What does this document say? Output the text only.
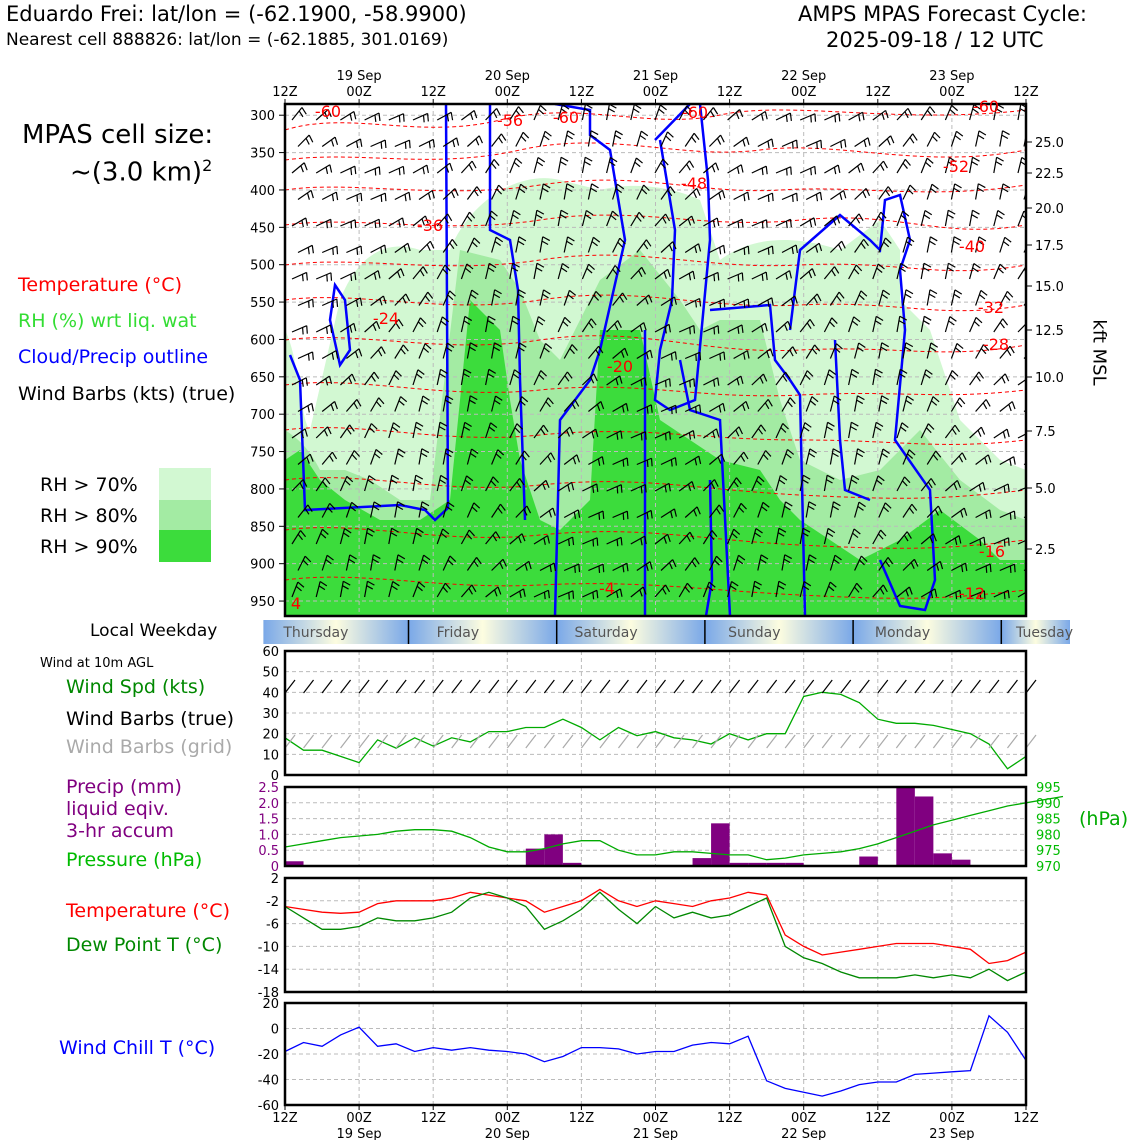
Eduardo Frei: lat/lon = (-62.1900, -58.9900)
Nearest cell 888826: lat/lon = (-62.1885, 301.0169)
AMPS MPAS Forecast Cycle:
2025-09-18 / 12 UTC
MPAS cell size:
~(3.0 km)$^2$
Temperature (°C)
RH (%) wrt liq. wat
Cloud/Precip outline
Wind Barbs (kts) (true)
RH > 70%
RH > 80%
RH > 90%
Local Weekday
Wind at 10m AGL
Wind Spd (kts)
Wind Barbs (true)
Wind Barbs (grid)
Precip (mm)
liquid eqiv.
3-hr accum
Pressure (hPa)
Temperature (°C)
Dew Point T (°C)
Wind Chill T (°C)
kft MSL
(hPa)
-60	-56 -60	-60	-60
-48
-52
-36
-40
-32
-24
-28
-20
-16
-4	-12
4
300
350
400
450
500
550
600
650
700
750
800
850
900
950
25.0
22.5
20.0
17.5
15.0
12.5
10.0
7.5
5.0
2.5
12Z	00Z	12Z	00Z	12Z	00Z	12Z	00Z	12Z	00Z	12Z
19 Sep	20 Sep	21 Sep	22 Sep	23 Sep
Thursday	Friday	Saturday	Sunday	Monday	Tuesday
0
10
20
30
40
50
60
0
0.5
1.0
1.5
2.0
2.5
970
975
980
985
990
995
2
-2
-6
-10
-14
-18
20
0
-20
-40
-60
12Z	00Z	12Z	00Z	12Z	00Z	12Z	00Z	12Z	00Z	12Z
19 Sep	20 Sep	21 Sep	22 Sep	23 Sep
